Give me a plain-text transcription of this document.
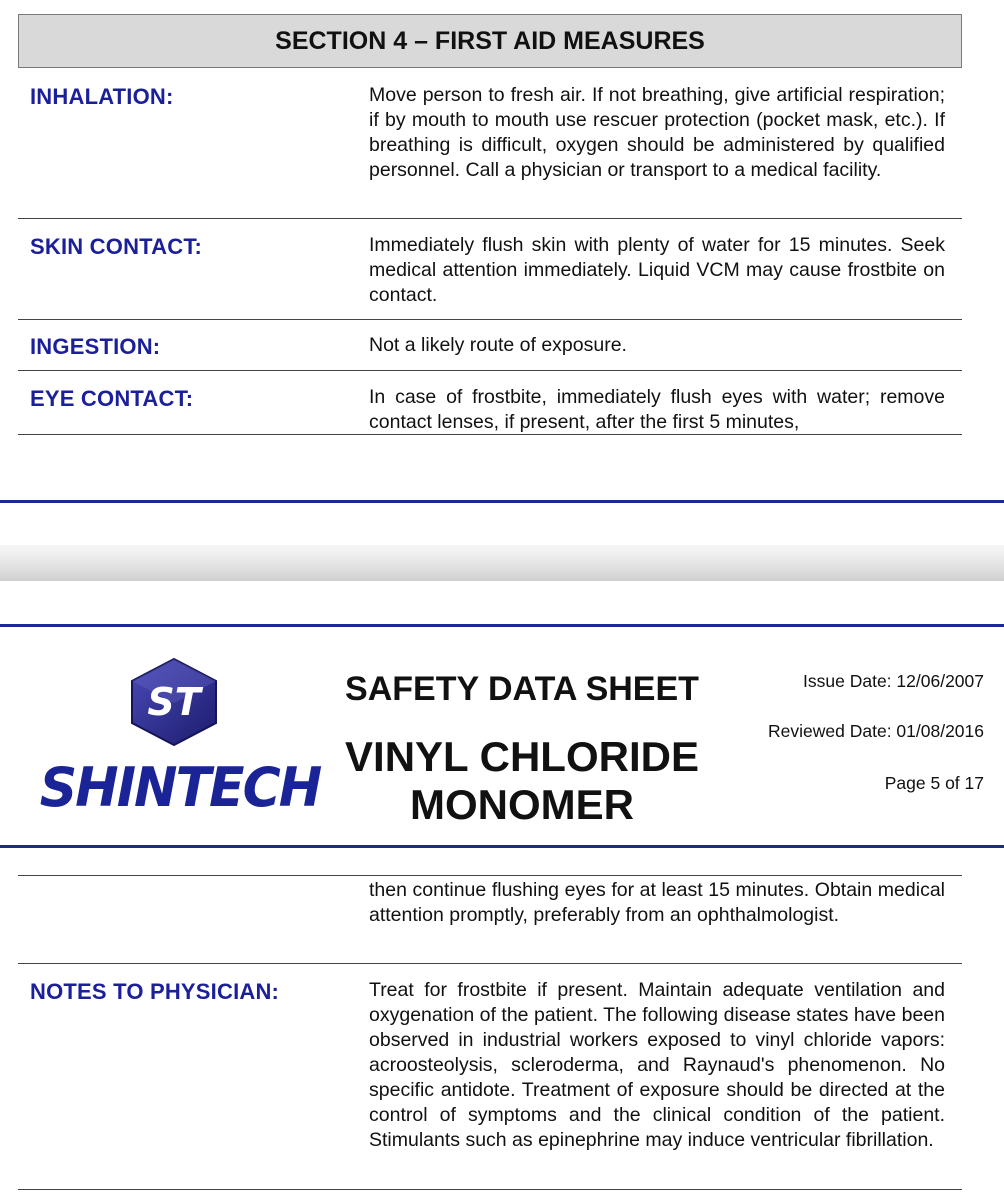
SECTION 4 – FIRST AID MEASURES
INHALATION:	Move person to fresh air. If not breathing, give artificial respiration; if by mouth to mouth use rescuer protection (pocket mask, etc.). If breathing is difficult, oxygen should be administered by qualified personnel. Call a physician or transport to a medical facility.
SKIN CONTACT:	Immediately flush skin with plenty of water for 15 minutes. Seek medical attention immediately. Liquid VCM may cause frostbite on contact.
INGESTION:	Not a likely route of exposure.
EYE CONTACT:	In case of frostbite, immediately flush eyes with water; remove contact lenses, if present, after the first 5 minutes,
ST
SHINTECH
SAFETY DATA SHEET
VINYL CHLORIDE
MONOMER
Issue Date: 12/06/2007
Reviewed Date: 01/08/2016
Page 5 of 17
then continue flushing eyes for at least 15 minutes. Obtain medical attention promptly, preferably from an ophthalmologist.
NOTES TO PHYSICIAN:	Treat for frostbite if present. Maintain adequate ventilation and oxygenation of the patient. The following disease states have been observed in industrial workers exposed to vinyl chloride vapors: acroosteolysis, scleroderma, and Raynaud's phenomenon. No specific antidote. Treatment of exposure should be directed at the control of symptoms and the clinical condition of the patient. Stimulants such as epinephrine may induce ventricular fibrillation.
